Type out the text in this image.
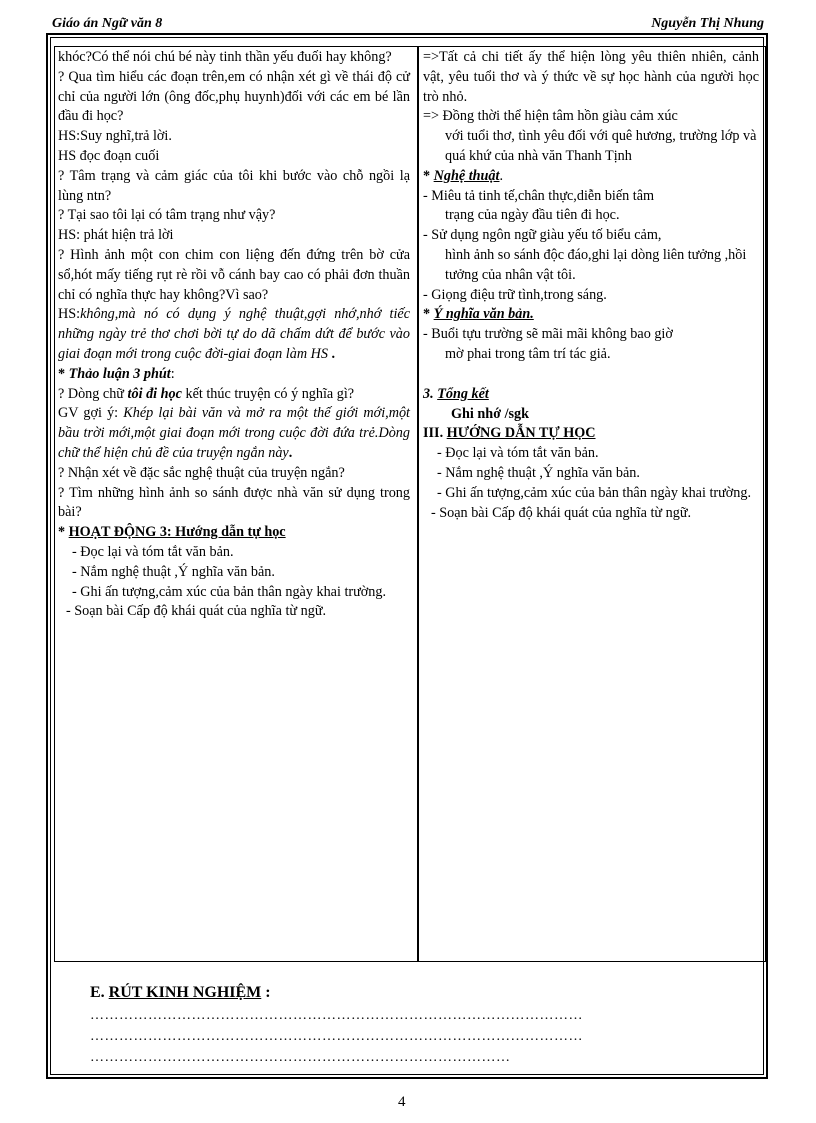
Giáo án Ngữ văn 8	Nguyễn Thị Nhung

khóc?Có thể nói chú bé này tinh thần yếu đuối hay không?

? Qua tìm hiểu các đoạn trên,em có nhận xét gì về thái độ cử chỉ của người lớn (ông đốc,phụ huynh)đối với các em bé lần đầu đi học?

HS:Suy nghĩ,trả lời.

HS đọc đoạn cuối

? Tâm trạng và cảm giác của tôi khi bước vào chỗ ngồi lạ lùng ntn?

? Tại sao tôi lại có tâm trạng như vậy?

HS: phát hiện trả lời

? Hình ảnh một con chim con liệng đến đứng trên bờ cửa sổ,hót mấy tiếng rụt rè rồi vỗ cánh bay cao có phải đơn thuần chỉ có nghĩa thực hay không?Vì sao?

HS:không,mà nó có dụng ý nghệ thuật,gợi nhớ,nhớ tiếc những ngày trẻ thơ chơi bời tự do dã chấm dứt để bước vào giai đoạn mới trong cuộc đời-giai đoạn làm HS .

* Thảo luận 3 phút:

? Dòng chữ tôi đi học kết thúc truyện có ý nghĩa gì?

GV gợi ý: Khép lại bài văn và mở ra một thế giới mới,một bầu trời mới,một giai đoạn mới trong cuộc đời đứa trẻ.Dòng chữ thể hiện chủ đề của truyện ngắn này.

? Nhận xét về đặc sắc nghệ thuật của truyện ngắn?

? Tìm những hình ảnh so sánh được nhà văn sử dụng trong bài?

* HOẠT ĐỘNG 3: Hướng dẫn tự học

- Đọc lại và tóm tắt văn bản.

- Nắm nghệ thuật ,Ý nghĩa văn bản.

- Ghi ấn tượng,cảm xúc của bản thân ngày khai trường.

- Soạn bài Cấp độ khái quát của nghĩa từ ngữ.

=>Tất cả chi tiết ấy thể hiện lòng yêu thiên nhiên, cảnh vật, yêu tuổi thơ và ý thức về sự học hành của người học trò nhỏ.

=> Đồng thời thể hiện tâm hồn giàu cảm xúc

với tuổi thơ, tình yêu đối với quê hương, trường lớp và quá khứ của nhà văn Thanh Tịnh

* Nghệ thuật.

- Miêu tả tinh tế,chân thực,diễn biến tâm

trạng của ngày đầu tiên đi học.

- Sử dụng ngôn ngữ giàu yếu tố biểu cảm,

hình ảnh so sánh độc đáo,ghi lại dòng liên tưởng ,hồi tưởng của nhân vật tôi.

- Giọng điệu trữ tình,trong sáng.

* Ý nghĩa văn bản.

- Buổi tựu trường sẽ mãi mãi không bao giờ

mờ phai trong tâm trí tác giả.

3. Tổng kết

Ghi nhớ /sgk

III. HƯỚNG DẪN TỰ HỌC

- Đọc lại và tóm tắt văn bản.

- Nắm nghệ thuật ,Ý nghĩa văn bản.

- Ghi ấn tượng,cảm xúc của bản thân ngày khai trường.

- Soạn bài Cấp độ khái quát của nghĩa từ ngữ.

E. RÚT KINH NGHIỆM :
…………………………………………………………………………………………
…………………………………………………………………………………………
……………………………………………………………………………
4
